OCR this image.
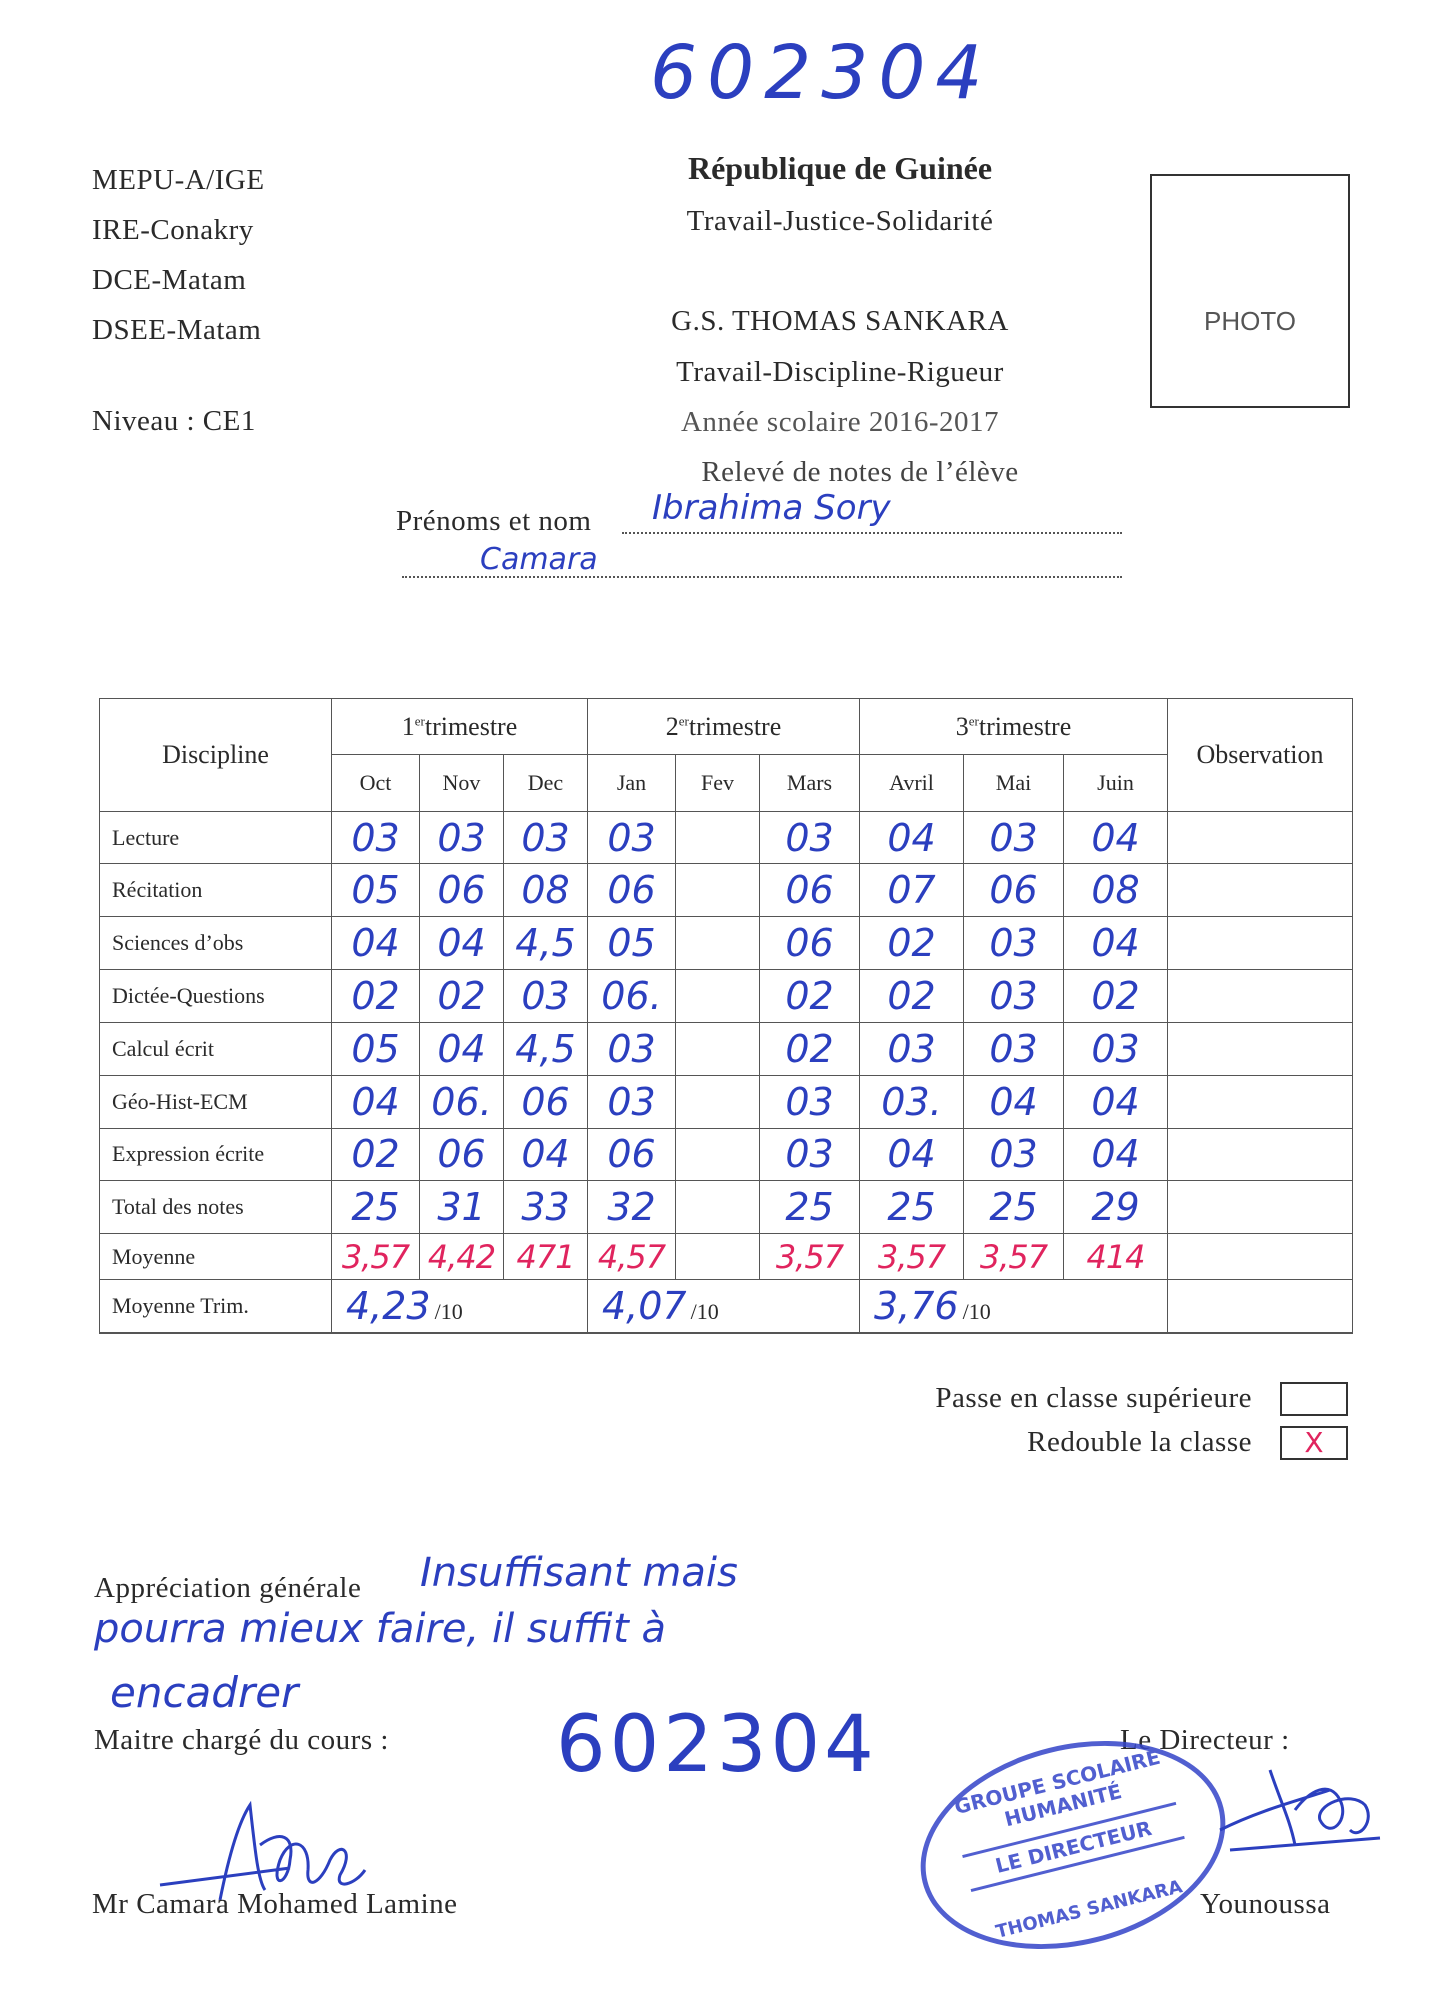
602304
MEPU-A/IGE
IRE-Conakry
DCE-Matam
DSEE-Matam
Niveau : CE1
République de Guinée
Travail-Justice-Solidarité
G.S. THOMAS SANKARA
Travail-Discipline-Rigueur
Année scolaire 2016-2017
Relevé de notes de l’élève
PHOTO
Prénoms et nom Ibrahima Sory
Camara
Discipline	1ertrimestre			2ertrimestre			3ertrimestre			Observation
	Oct	Nov	Dec	Jan	Fev	Mars	Avril	Mai	Juin	
Lecture	03	03	03	03		03	04	03	04	
Récitation	05	06	08	06		06	07	06	08	
Sciences d’obs	04	04	4,5	05		06	02	03	04	
Dictée-Questions	02	02	03	06.		02	02	03	02	
Calcul écrit	05	04	4,5	03		02	03	03	03	
Géo-Hist-ECM	04	06.	06	03		03	03.	04	04	
Expression écrite	02	06	04	06		03	04	03	04	
Total des notes	25	31	33	32		25	25	25	29	
Moyenne	3,57	4,42	471	4,57		3,57	3,57	3,57	414	
Moyenne Trim.	4,23 /10			4,07 /10			3,76 /10			

Passe en classe supérieure
Redouble la classe	X
Appréciation générale Insuffisant mais
pourra mieux faire, il suffit à
encadrer
Maitre chargé du cours :	Le Directeur :
602304	GROUPE SCOLAIRE HUMANITÉ
LE DIRECTEUR
THOMAS SANKARA
Mr Camara Mohamed Lamine	Younoussa
